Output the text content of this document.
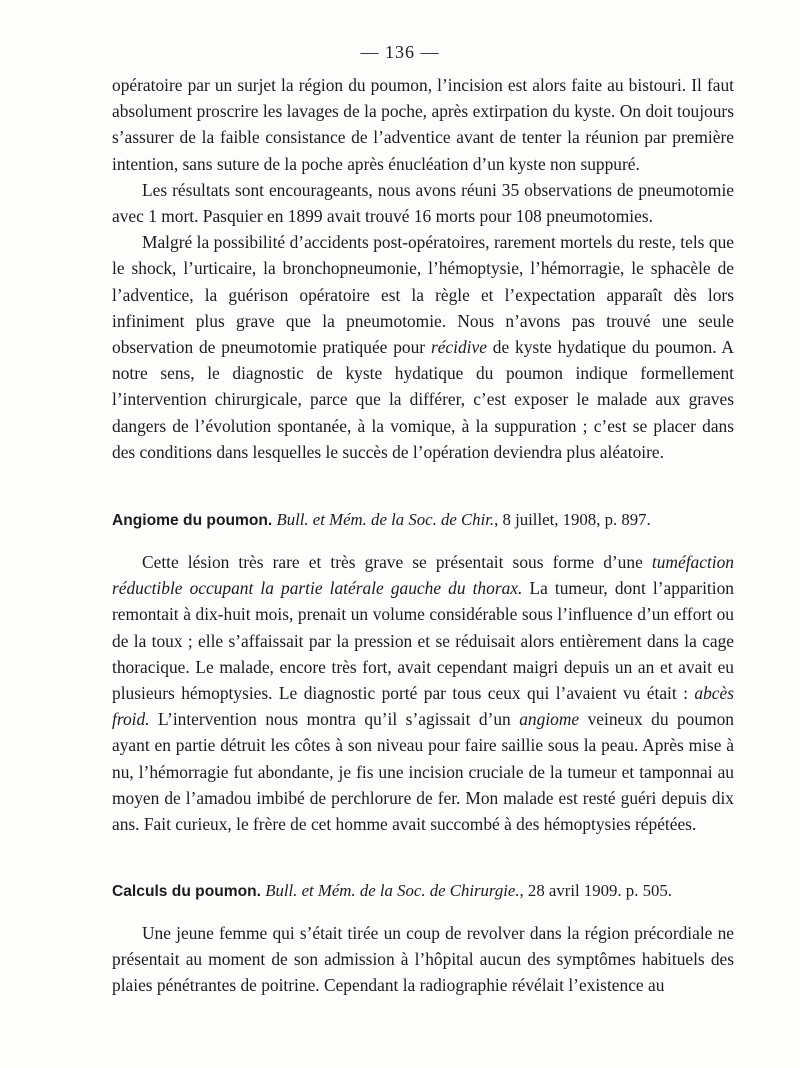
— 136 —

opératoire par un surjet la région du poumon, l’incision est alors faite au bistouri. Il faut absolument proscrire les lavages de la poche, après extirpation du kyste. On doit toujours s’assurer de la faible consistance de l’adventice avant de tenter la réunion par première intention, sans suture de la poche après énucléation d’un kyste non suppuré.

Les résultats sont encourageants, nous avons réuni 35 observations de pneumotomie avec 1 mort. Pasquier en 1899 avait trouvé 16 morts pour 108 pneumotomies.

Malgré la possibilité d’accidents post-opératoires, rarement mortels du reste, tels que le shock, l’urticaire, la bronchopneumonie, l’hémoptysie, l’hémorragie, le sphacèle de l’adventice, la guérison opératoire est la règle et l’expectation apparaît dès lors infiniment plus grave que la pneumotomie. Nous n’avons pas trouvé une seule observation de pneumotomie pratiquée pour récidive de kyste hydatique du poumon. A notre sens, le diagnostic de kyste hydatique du poumon indique formellement l’intervention chirurgicale, parce que la différer, c’est exposer le malade aux graves dangers de l’évolution spontanée, à la vomique, à la suppuration ; c’est se placer dans des conditions dans lesquelles le succès de l’opération deviendra plus aléatoire.

Angiome du poumon. Bull. et Mém. de la Soc. de Chir., 8 juillet, 1908, p. 897.

Cette lésion très rare et très grave se présentait sous forme d’une tuméfaction réductible occupant la partie latérale gauche du thorax. La tumeur, dont l’apparition remontait à dix-huit mois, prenait un volume considérable sous l’influence d’un effort ou de la toux ; elle s’affaissait par la pression et se réduisait alors entièrement dans la cage thoracique. Le malade, encore très fort, avait cependant maigri depuis un an et avait eu plusieurs hémoptysies. Le diagnostic porté par tous ceux qui l’avaient vu était : abcès froid. L’intervention nous montra qu’il s’agissait d’un angiome veineux du poumon ayant en partie détruit les côtes à son niveau pour faire saillie sous la peau. Après mise à nu, l’hémorragie fut abondante, je fis une incision cruciale de la tumeur et tamponnai au moyen de l’amadou imbibé de perchlorure de fer. Mon malade est resté guéri depuis dix ans. Fait curieux, le frère de cet homme avait succombé à des hémoptysies répétées.

Calculs du poumon. Bull. et Mém. de la Soc. de Chirurgie., 28 avril 1909. p. 505.

Une jeune femme qui s’était tirée un coup de revolver dans la région précordiale ne présentait au moment de son admission à l’hôpital aucun des symptômes habituels des plaies pénétrantes de poitrine. Cependant la radiographie révélait l’existence au
